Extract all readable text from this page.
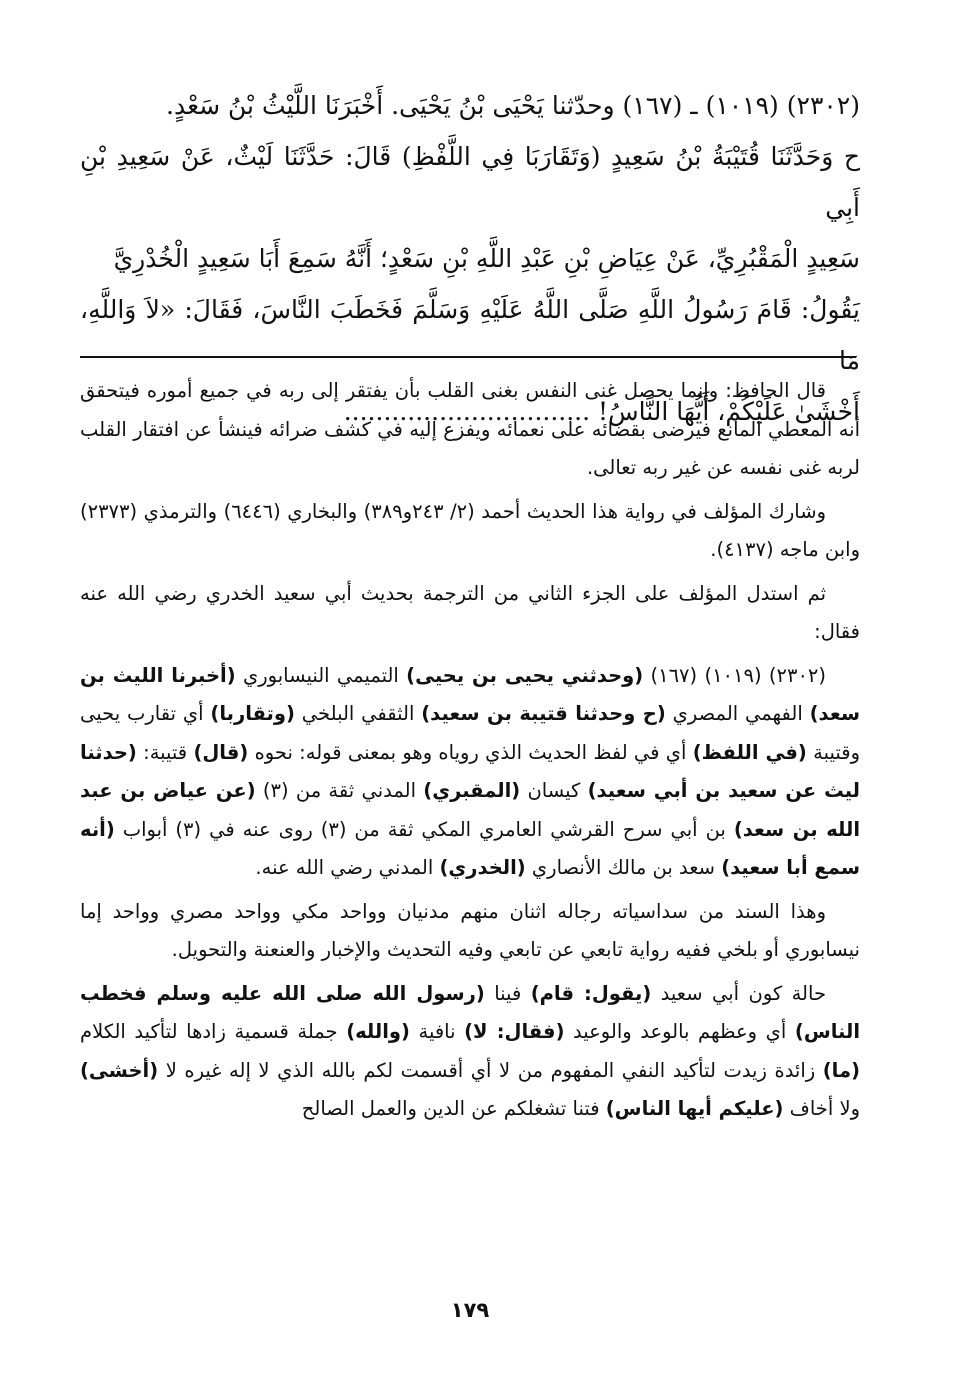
(٢٣٠٢) (١٠١٩) ـ (١٦٧) وحدّثنا يَحْيَى بْنُ يَحْيَى. أَخْبَرَنَا اللَّيْثُ بْنُ سَعْدٍ.

ح وَحَدَّثَنَا قُتَيْبَةُ بْنُ سَعِيدٍ (وَتَقَارَبَا فِي اللَّفْظِ) قَالَ: حَدَّثَنَا لَيْثٌ، عَنْ سَعِيدِ بْنِ أَبِي

سَعِيدٍ الْمَقْبُرِيِّ، عَنْ عِيَاضِ بْنِ عَبْدِ اللَّهِ بْنِ سَعْدٍ؛ أَنَّهُ سَمِعَ أَبَا سَعِيدٍ الْخُدْرِيَّ

يَقُولُ: قَامَ رَسُولُ اللَّهِ صَلَّى اللَّهُ عَلَيْهِ وَسَلَّمَ فَخَطَبَ النَّاسَ، فَقَالَ: «لاَ وَاللَّهِ، مَا

أَخْشَىٰ عَلَيْكُمْ، أَيُّهَا النَّاسُ! ...............................

قال الحافظ: وإنما يحصل غنى النفس بغنى القلب بأن يفتقر إلى ربه في جميع أموره فيتحقق أنه المعطي المانع فيرضى بقضائه على نعمائه ويفزع إليه في كشف ضرائه فينشأ عن افتقار القلب لربه غنى نفسه عن غير ربه تعالى.

وشارك المؤلف في رواية هذا الحديث أحمد (٢/ ٢٤٣و٣٨٩) والبخاري (٦٤٤٦) والترمذي (٢٣٧٣) وابن ماجه (٤١٣٧).

ثم استدل المؤلف على الجزء الثاني من الترجمة بحديث أبي سعيد الخدري رضي الله عنه فقال:

(٢٣٠٢) (١٠١٩) (١٦٧) (وحدثني يحيى بن يحيى) التميمي النيسابوري (أخبرنا الليث بن سعد) الفهمي المصري (ح وحدثنا قتيبة بن سعيد) الثقفي البلخي (وتقاربا) أي تقارب يحيى وقتيبة (في اللفظ) أي في لفظ الحديث الذي روياه وهو بمعنى قوله: نحوه (قال) قتيبة: (حدثنا ليث عن سعيد بن أبي سعيد) كيسان (المقبري) المدني ثقة من (٣) (عن عياض بن عبد الله بن سعد) بن أبي سرح القرشي العامري المكي ثقة من (٣) روى عنه في (٣) أبواب (أنه سمع أبا سعيد) سعد بن مالك الأنصاري (الخدري) المدني رضي الله عنه.

وهذا السند من سداسياته رجاله اثنان منهم مدنيان وواحد مكي وواحد مصري وواحد إما نيسابوري أو بلخي ففيه رواية تابعي عن تابعي وفيه التحديث والإخبار والعنعنة والتحويل.

حالة كون أبي سعيد (يقول: قام) فينا (رسول الله صلى الله عليه وسلم فخطب الناس) أي وعظهم بالوعد والوعيد (فقال: لا) نافية (والله) جملة قسمية زادها لتأكيد الكلام (ما) زائدة زيدت لتأكيد النفي المفهوم من لا أي أقسمت لكم بالله الذي لا إله غيره لا (أخشى) ولا أخاف (عليكم أيها الناس) فتنا تشغلكم عن الدين والعمل الصالح

١٧٩
